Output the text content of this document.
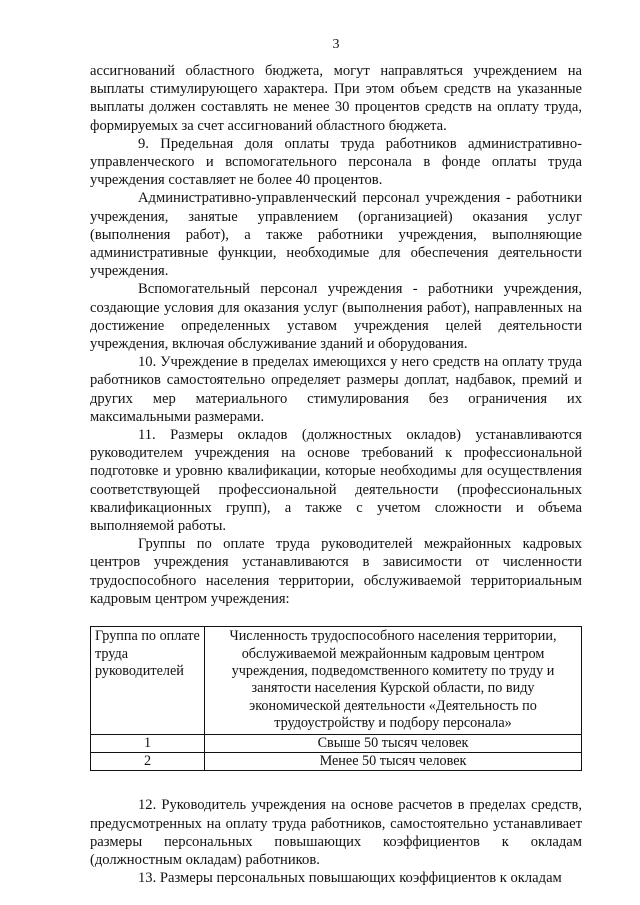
3

ассигнований областного бюджета, могут направляться учреждением на выплаты стимулирующего характера. При этом объем средств на указанные выплаты должен составлять не менее 30 процентов средств на оплату труда, формируемых за счет ассигнований областного бюджета.

9. Предельная доля оплаты труда работников административно-управленческого и вспомогательного персонала в фонде оплаты труда учреждения составляет не более 40 процентов.

Административно-управленческий персонал учреждения - работники учреждения, занятые управлением (организацией) оказания услуг (выполнения работ), а также работники учреждения, выполняющие административные функции, необходимые для обеспечения деятельности учреждения.

Вспомогательный персонал учреждения - работники учреждения, создающие условия для оказания услуг (выполнения работ), направленных на достижение определенных уставом учреждения целей деятельности учреждения, включая обслуживание зданий и оборудования.

10. Учреждение в пределах имеющихся у него средств на оплату труда работников самостоятельно определяет размеры доплат, надбавок, премий и других мер материального стимулирования без ограничения их максимальными размерами.

11. Размеры окладов (должностных окладов) устанавливаются руководителем учреждения на основе требований к профессиональной подготовке и уровню квалификации, которые необходимы для осуществления соответствующей профессиональной деятельности (профессиональных квалификационных групп), а также с учетом сложности и объема выполняемой работы.

Группы по оплате труда руководителей межрайонных кадровых центров учреждения устанавливаются в зависимости от численности трудоспособного населения территории, обслуживаемой территориальным кадровым центром учреждения:

Группа по оплате труда руководителей	Численность трудоспособного населения территории, обслуживаемой межрайонным кадровым центром учреждения, подведомственного комитету по труду и занятости населения Курской области, по виду экономической деятельности «Деятельность по трудоустройству и подбору персонала»
1	Свыше 50 тысяч человек
2	Менее 50 тысяч человек

12. Руководитель учреждения на основе расчетов в пределах средств, предусмотренных на оплату труда работников, самостоятельно устанавливает размеры персональных повышающих коэффициентов к окладам (должностным окладам) работников.

13. Размеры персональных повышающих коэффициентов к окладам
